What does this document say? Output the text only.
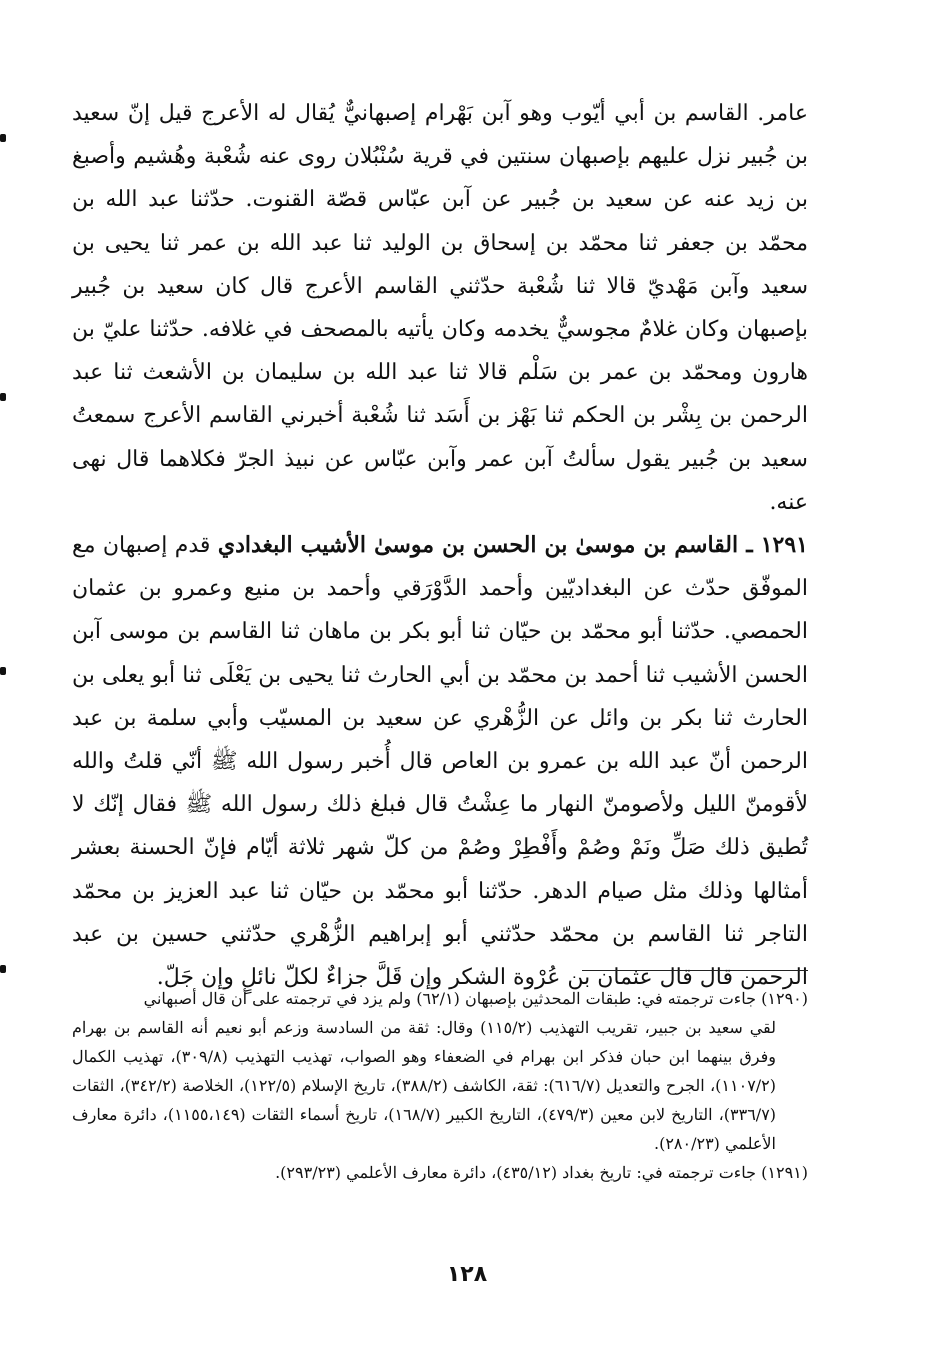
عامر. القاسم بن أبي أيّوب وهو آبن بَهْرام إصبهانيٌّ يُقال له الأعرج قيل إنّ سعيد بن جُبير نزل عليهم بإصبهان سنتين في قرية سُنْبُلان روى عنه شُعْبة وهُشيم وأصبغ بن زيد عنه عن سعيد بن جُبير عن آبن عبّاس قصّة القنوت. حدّثنا عبد الله بن محمّد بن جعفر ثنا محمّد بن إسحاق بن الوليد ثنا عبد الله بن عمر ثنا يحيى بن سعيد وآبن مَهْديّ قالا ثنا شُعْبة حدّثني القاسم الأعرج قال كان سعيد بن جُبير بإصبهان وكان غلامٌ مجوسيٌّ يخدمه وكان يأتيه بالمصحف في غلافه. حدّثنا عليّ بن هارون ومحمّد بن عمر بن سَلْم قالا ثنا عبد الله بن سليمان بن الأشعث ثنا عبد الرحمن بن بِشْر بن الحكم ثنا بَهْز بن أَسَد ثنا شُعْبة أخبرني القاسم الأعرج سمعتُ سعيد بن جُبير يقول سألتُ آبن عمر وآبن عبّاس عن نبيذ الجرّ فكلاهما قال نهى عنه.

١٢٩١ ـ القاسم بن موسىٰ بن الحسن بن موسىٰ الأشيب البغدادي قدم إصبهان مع الموفّق حدّث عن البغداديّين وأحمد الدَّوْرَقي وأحمد بن منيع وعمرو بن عثمان الحمصي. حدّثنا أبو محمّد بن حيّان ثنا أبو بكر بن ماهان ثنا القاسم بن موسى آبن الحسن الأشيب ثنا أحمد بن محمّد بن أبي الحارث ثنا يحيى بن يَعْلَى ثنا أبو يعلى بن الحارث ثنا بكر بن وائل عن الزُّهْري عن سعيد بن المسيّب وأبي سلمة بن عبد الرحمن أنّ عبد الله بن عمرو بن العاص قال أُخبر رسول الله ﷺ أنّي قلتُ والله لأقومنّ الليل ولأصومنّ النهار ما عِشْتُ قال فبلغ ذلك رسول الله ﷺ فقال إنّك لا تُطيق ذلك صَلِّ ونَمْ وصُمْ وأَفْطِرْ وصُمْ من كلّ شهر ثلاثة أيّام فإنّ الحسنة بعشر أمثالها وذلك مثل صيام الدهر. حدّثنا أبو محمّد بن حيّان ثنا عبد العزيز بن محمّد التاجر ثنا القاسم بن محمّد حدّثني أبو إبراهيم الزُّهْري حدّثني حسين بن عبد الرحمن قال قال عثمان بن عُرْوة الشكر وإن قَلَّ جزاءٌ لكلّ نائلٍ وإن جَلّ.

(١٢٩٠) جاءت ترجمته في: طبقات المحدثين بإصبهان (٦٢/١) ولم يزد في ترجمته على أن قال أصبهاني

لقي سعيد بن جبير، تقريب التهذيب (١١٥/٢) وقال: ثقة من السادسة وزعم أبو نعيم أنه القاسم بن بهرام وفرق بينهما ابن حبان فذكر ابن بهرام في الضعفاء وهو الصواب، تهذيب التهذيب (٣٠٩/٨)، تهذيب الكمال (١١٠٧/٢)، الجرح والتعديل (٦١٦/٧): ثقة، الكاشف (٣٨٨/٢)، تاريخ الإسلام (١٢٢/٥)، الخلاصة (٣٤٢/٢)، الثقات (٣٣٦/٧)، التاريخ لابن معين (٤٧٩/٣)، التاريخ الكبير (١٦٨/٧)، تاريخ أسماء الثقات (١١٥٥،١٤٩)، دائرة معارف الأعلمي (٢٨٠/٢٣).

(١٢٩١) جاءت ترجمته في: تاريخ بغداد (٤٣٥/١٢)، دائرة معارف الأعلمي (٢٩٣/٢٣).

١٢٨
